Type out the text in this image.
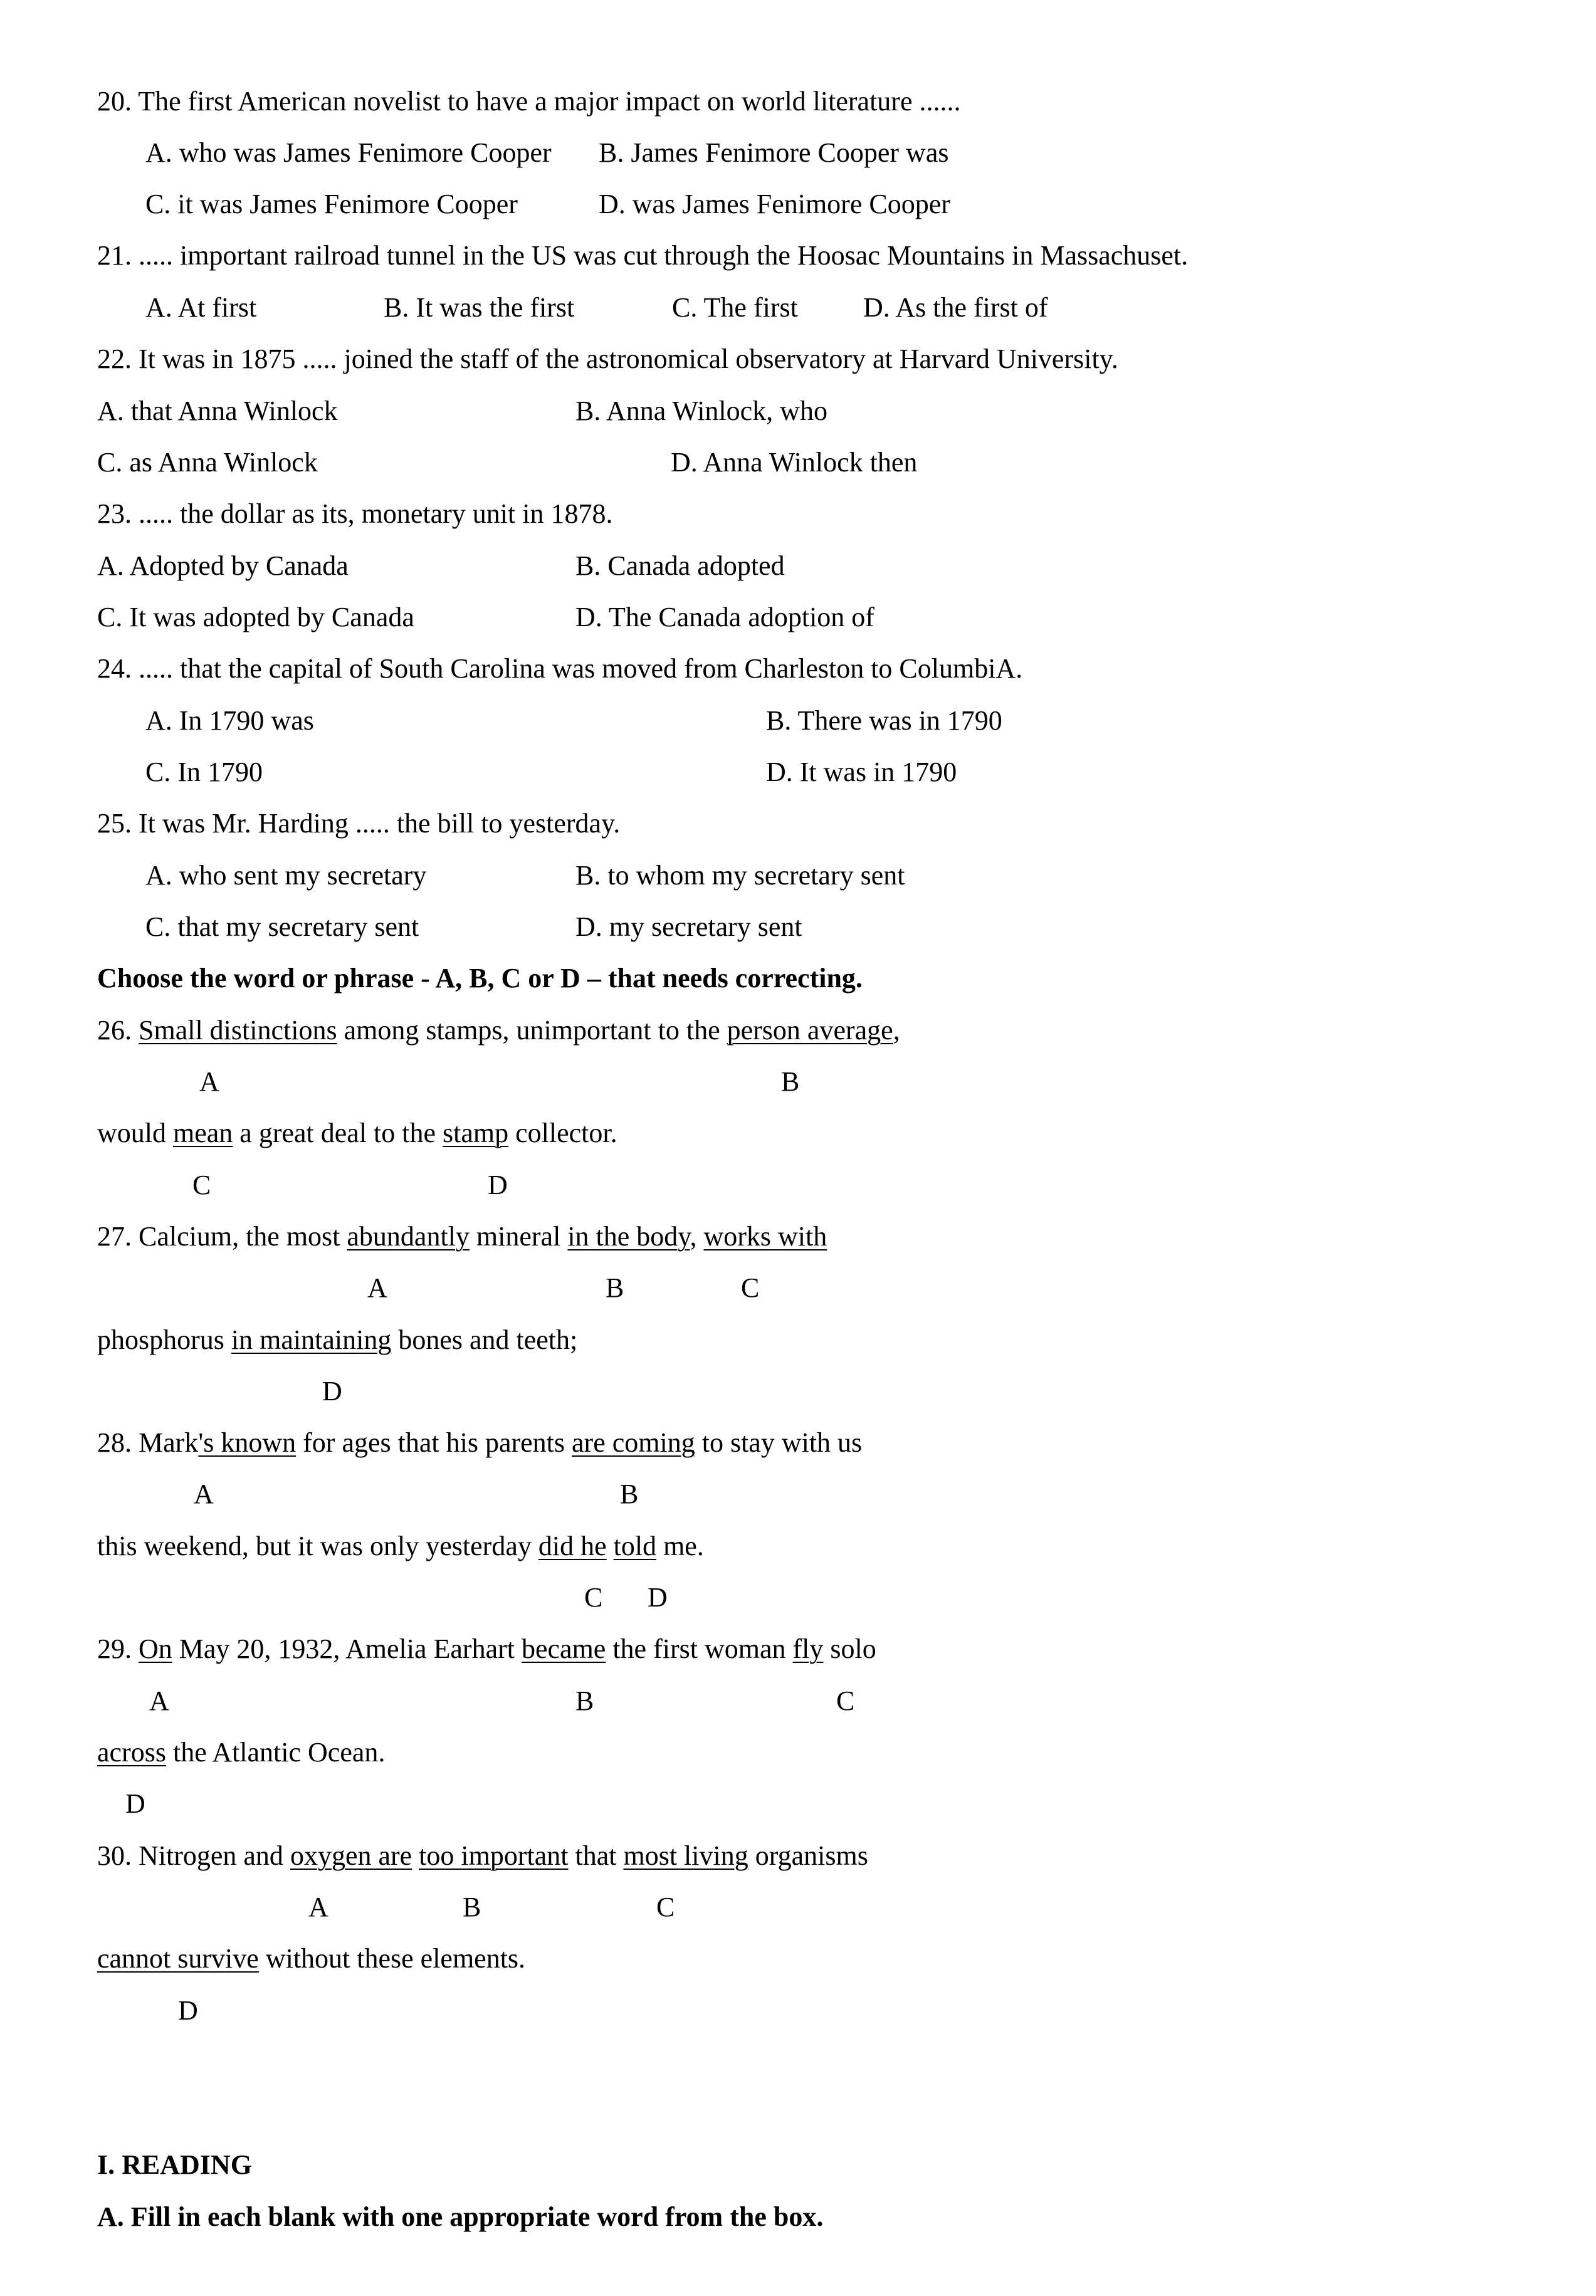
20. The first American novelist to have a major impact on world literature ......
A. who was James Fenimore Cooper B. James Fenimore Cooper was
C. it was James Fenimore Cooper	D. was James Fenimore Cooper
21. ..... important railroad tunnel in the US was cut through the Hoosac Mountains in Massachuset.
A. At first	B. It was the first	C. The first D. As the first of
22. It was in 1875 ..... joined the staff of the astronomical observatory at Harvard University.
A. that Anna Winlock	B. Anna Winlock, who
C. as Anna Winlock	D. Anna Winlock then
23. ..... the dollar as its, monetary unit in 1878.
A. Adopted by Canada	B. Canada adopted
C. It was adopted by Canada	D. The Canada adoption of
24. ..... that the capital of South Carolina was moved from Charleston to ColumbiA.
A. In 1790 was	B. There was in 1790
C. In 1790	D. It was in 1790
25. It was Mr. Harding ..... the bill to yesterday.
A. who sent my secretary	B. to whom my secretary sent
C. that my secretary sent	D. my secretary sent
Choose the word or phrase - A, B, C or D – that needs correcting.
26. Small distinctions among stamps, unimportant to the person average,
A	B
would mean a great deal to the stamp collector.
C	D
27. Calcium, the most abundantly mineral in the body, works with
A	B	C
phosphorus in maintaining bones and teeth;
D
28. Mark's known for ages that his parents are coming to stay with us
A	B
this weekend, but it was only yesterday did he told me.
C D
29. On May 20, 1932, Amelia Earhart became the first woman fly solo
A	B	C
across the Atlantic Ocean.
D
30. Nitrogen and oxygen are too important that most living organisms
A	B	C
cannot survive without these elements.
D
I. READING
A. Fill in each blank with one appropriate word from the box.
